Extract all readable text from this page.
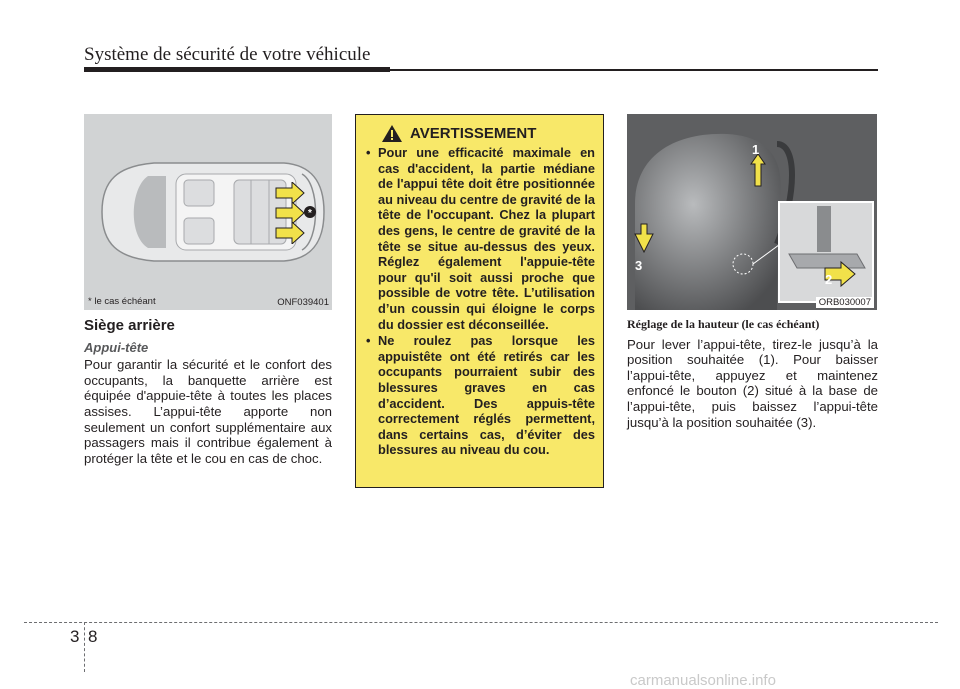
Système de sécurité de votre véhicule
*
* le cas échéant	ONF039401
Siège arrière
Appui-tête

Pour garantir la sécurité et le confort des occupants, la banquette arrière est équipée d'appuie-tête à toutes les places assises. L’appui-tête apporte non seulement un confort supplémentaire aux passagers mais il contribue également à protéger la tête et le cou en cas de choc.

AVERTISSEMENT
• Pour une efficacité maximale en cas d'accident, la partie médiane de l'appui tête doit être positionnée au niveau du centre de gravité de la tête de l'occupant. Chez la plupart des gens, le centre de gravité de la tête se situe au-dessus des yeux. Réglez également l'appuie-tête pour qu'il soit aussi proche que possible de votre tête. L’utilisation d’un coussin qui éloigne le corps du dossier est déconseillée.
• Ne roulez pas lorsque les appuistête ont été retirés car les occupants pourraient subir des blessures graves en cas d’accident. Des appuis-tête correctement réglés permettent, dans certains cas, d’éviter des blessures au niveau du cou.
1
2
3
ORB030007
Réglage de la hauteur (le cas échéant)

Pour lever l’appui-tête, tirez-le jusqu’à la position souhaitée (1). Pour baisser l’appui-tête, appuyez et maintenez enfoncé le bouton (2) situé à la base de l’appui-tête, puis baissez l’appui-tête jusqu’à la position souhaitée (3).

3 8
carmanualsonline.info
